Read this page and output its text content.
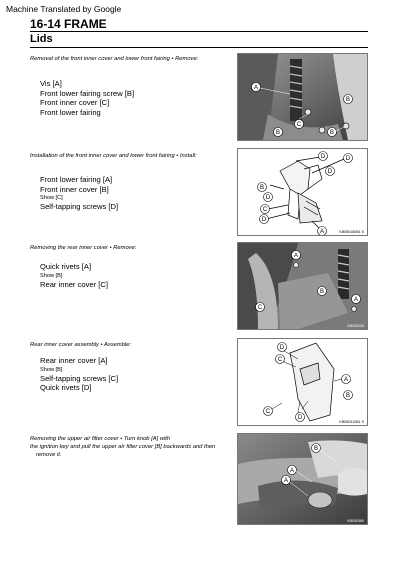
Machine Translated by Google
16-14 FRAME
Lids
Removal of the front inner cover and lower front fairing • Remove:
Vis [A]
Front lower fairing screw [B]
Front inner cover [C]
Front lower fairing
A
C
B
B
B
Installation of the front inner cover and lower front fairing • Install:
Front lower fairing [A]
Front inner cover [B]
Show [C]
Self-tapping screws [D]
D	D
A
B
C
D
D
D
KB050160B1 S
Removing the rear inner cover • Remove:
Quick rivets [A]
Show [B]
Rear inner cover [C]
A
B
C
A
KB050240
Rear inner cover assembly • Assemble:
Rear inner cover [A]
Show [B]
Self-tapping screws [C]
Quick rivets [D]
D
C
A
B
C
D
KB050310B1 S
Removing the upper air filter cover • Turn knob [A] with
the ignition key and pull the upper air filter cover [B] backwards and then
remove it.
B
A
A
KB050360
